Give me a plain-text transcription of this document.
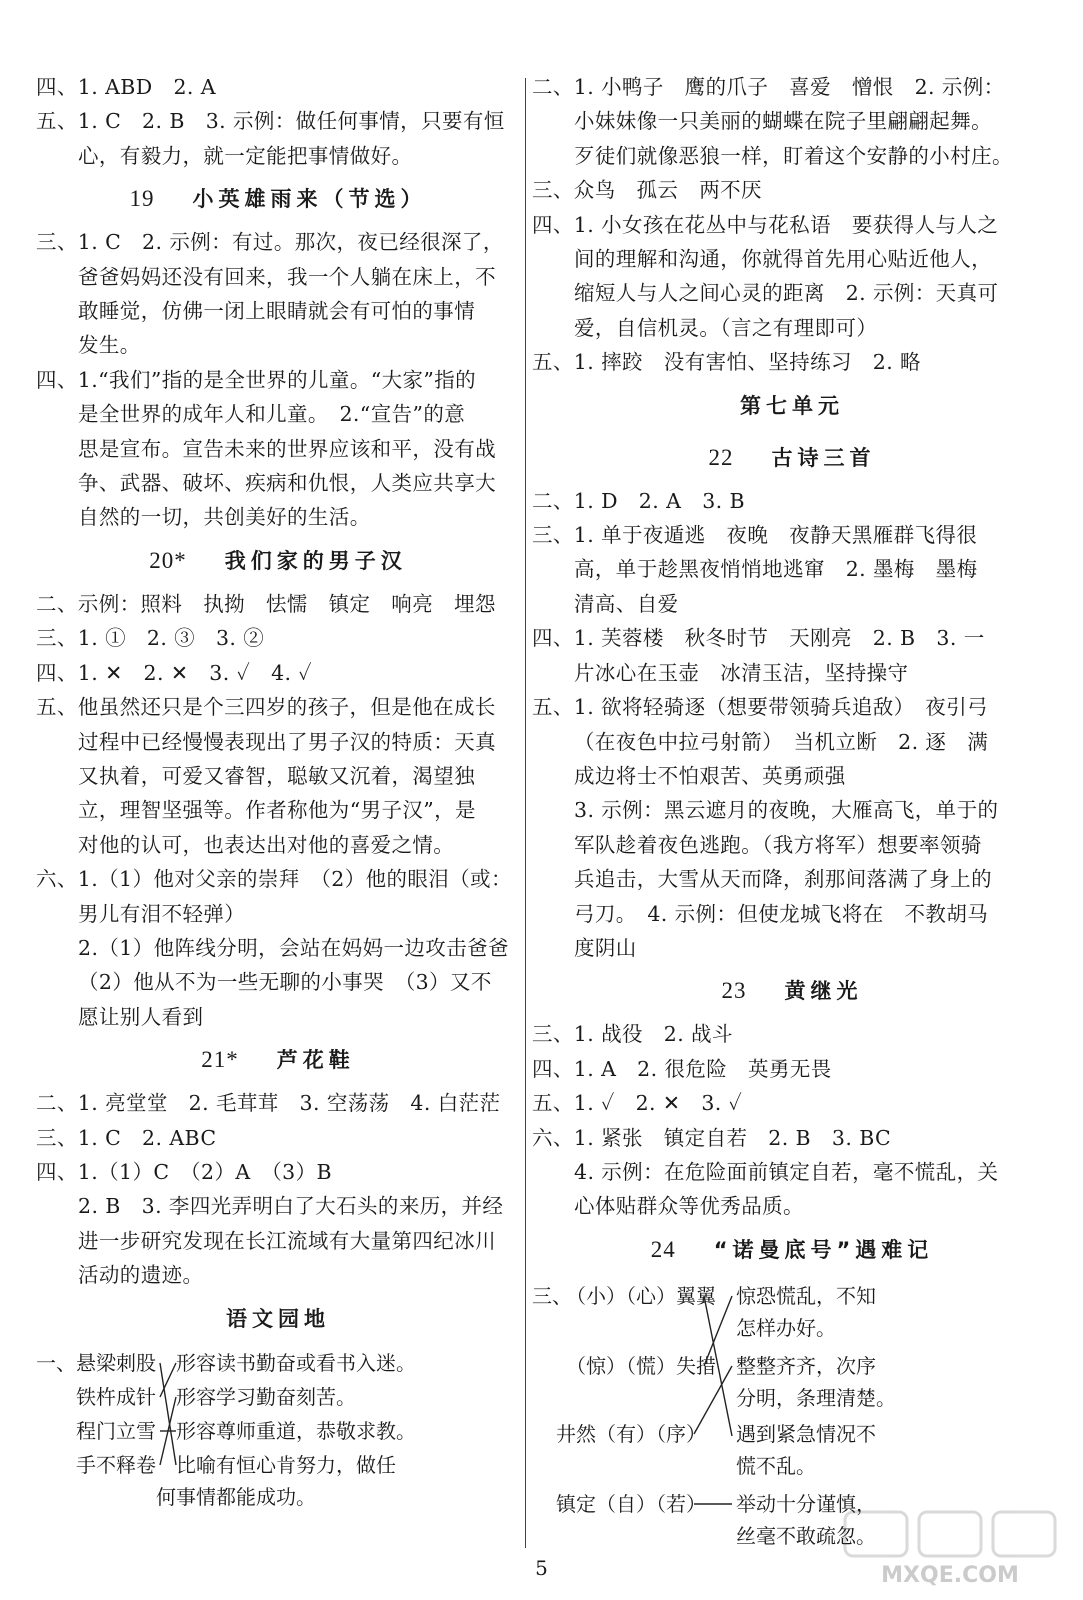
四、1. ABD　2. A
五、1. C　2. B　3. 示例：做任何事情，只要有恒
心，有毅力，就一定能把事情做好。
19 小英雄雨来（节选）
三、1. C　2. 示例：有过。那次，夜已经很深了，
爸爸妈妈还没有回来，我一个人躺在床上，不
敢睡觉，仿佛一闭上眼睛就会有可怕的事情
发生。
四、1.“我们”指的是全世界的儿童。“大家”指的
是全世界的成年人和儿童。　2.“宣告”的意
思是宣布。宣告未来的世界应该和平，没有战
争、武器、破坏、疾病和仇恨，人类应共享大
自然的一切，共创美好的生活。
20* 我们家的男子汉
二、示例：照料　执拗　怯懦　镇定　响亮　埋怨
三、1. ①　2. ③　3. ②
四、1. ✕　2. ✕　3. ✓　4. ✓
五、他虽然还只是个三四岁的孩子，但是他在成长
过程中已经慢慢表现出了男子汉的特质：天真
又执着，可爱又睿智，聪敏又沉着，渴望独
立，理智坚强等。作者称他为“男子汉”，是
对他的认可，也表达出对他的喜爱之情。
六、1.（1）他对父亲的崇拜　（2）他的眼泪（或：
男儿有泪不轻弹）
2.（1）他阵线分明，会站在妈妈一边攻击爸爸
（2）他从不为一些无聊的小事哭　（3）又不
愿让别人看到
21* 芦花鞋
二、1. 亮堂堂　2. 毛茸茸　3. 空荡荡　4. 白茫茫
三、1. C　2. ABC
四、1.（1）C　（2）A　（3）B
2. B　3. 李四光弄明白了大石头的来历，并经
进一步研究发现在长江流域有大量第四纪冰川
活动的遗迹。
语文园地
一、 悬梁刺股
铁杵成针
程门立雪
手不释卷
形容读书勤奋或看书入迷。
形容学习勤奋刻苦。
形容尊师重道，恭敬求教。
比喻有恒心肯努力，做任
何事情都能成功。
二、1. 小鸭子　鹰的爪子　喜爱　憎恨　2. 示例：
小妹妹像一只美丽的蝴蝶在院子里翩翩起舞。
歹徒们就像恶狼一样，盯着这个安静的小村庄。
三、众鸟　孤云　两不厌
四、1. 小女孩在花丛中与花私语　要获得人与人之
间的理解和沟通，你就得首先用心贴近他人，
缩短人与人之间心灵的距离　2. 示例：天真可
爱，自信机灵。（言之有理即可）
五、1. 摔跤　没有害怕、坚持练习　2. 略
第七单元
22 古诗三首
二、1. D　2. A　3. B
三、1. 单于夜遁逃　夜晚　夜静天黑雁群飞得很
高，单于趁黑夜悄悄地逃窜　2. 墨梅　墨梅
清高、自爱
四、1. 芙蓉楼　秋冬时节　天刚亮　2. B　3. 一
片冰心在玉壶　冰清玉洁，坚持操守
五、1. 欲将轻骑逐（想要带领骑兵追敌）　夜引弓
（在夜色中拉弓射箭）　当机立断　2. 逐　满
成边将士不怕艰苦、英勇顽强
3. 示例：黑云遮月的夜晚，大雁高飞，单于的
军队趁着夜色逃跑。（我方将军）想要率领骑
兵追击，大雪从天而降，刹那间落满了身上的
弓刀。　4. 示例：但使龙城飞将在　不教胡马
度阴山
23 黄继光
三、1. 战役　2. 战斗
四、1. A　2. 很危险　英勇无畏
五、1. ✓　2. ✕　3. ✓
六、1. 紧张　镇定自若　2. B　3. BC
4. 示例：在危险面前镇定自若，毫不慌乱，关
心体贴群众等优秀品质。
24 “诺曼底号”遇难记
三、
（小）（心）翼翼
（惊）（慌）失措
井然（有）（序）
镇定（自）（若）
惊恐慌乱，不知
怎样办好。
整整齐齐，次序
分明，条理清楚。
遇到紧急情况不
慌不乱。
举动十分谨慎，
丝毫不敢疏忽。
5	MXQE.COM
